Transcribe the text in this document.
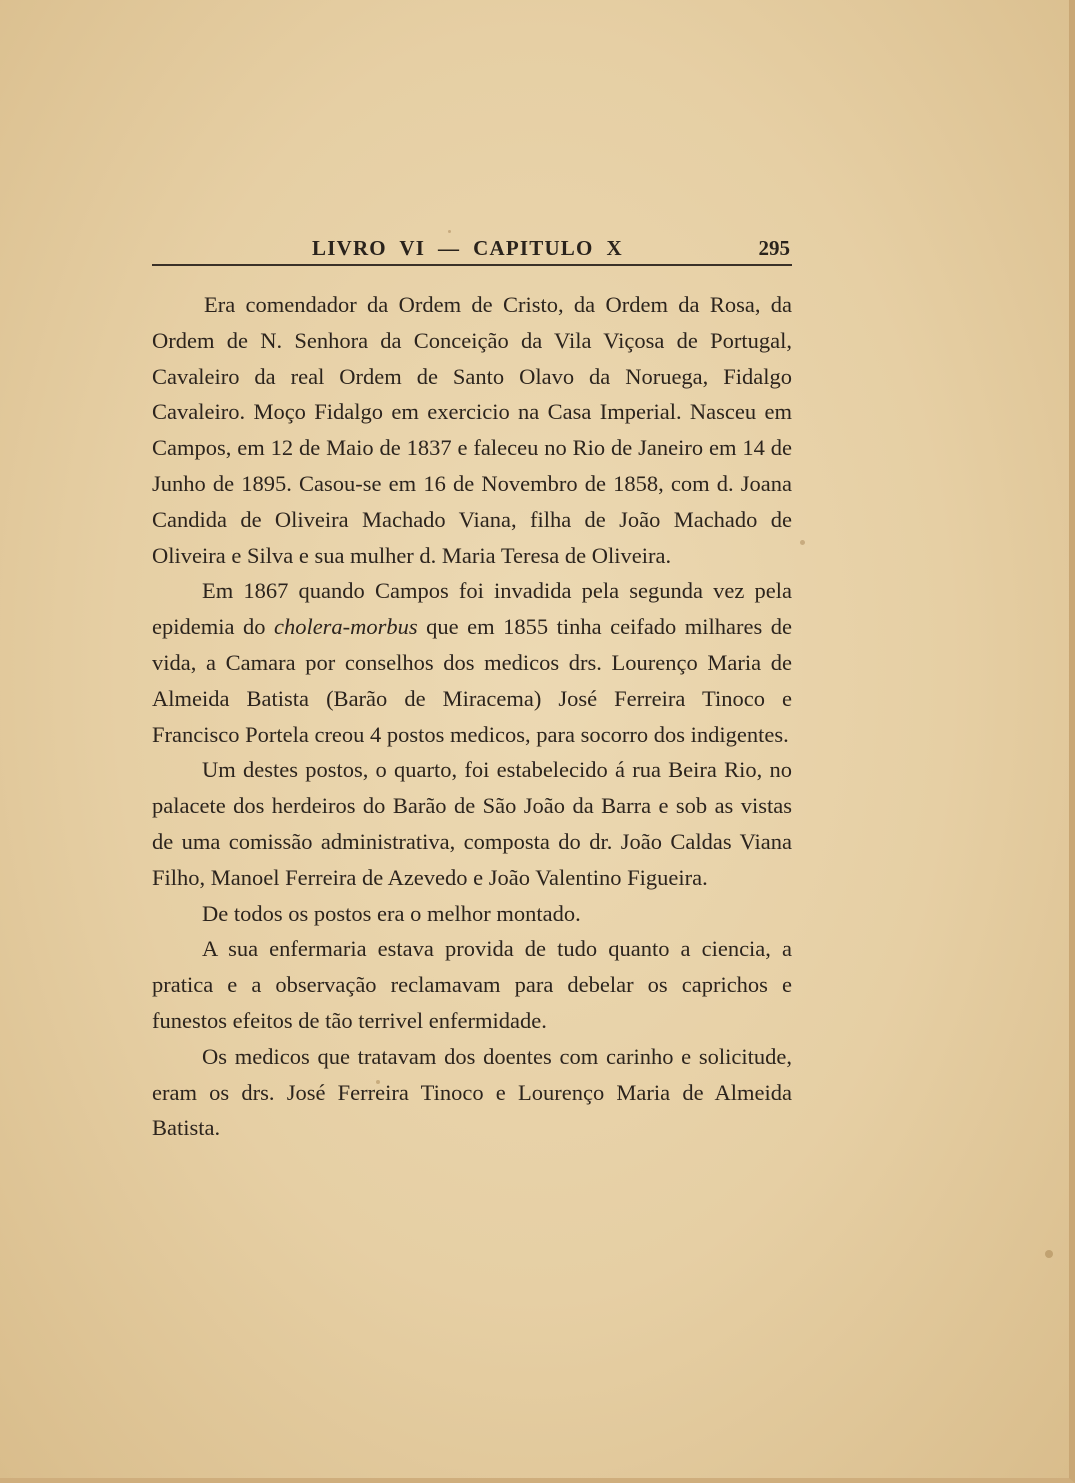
LIVRO  VI  —  CAPITULO  X	295

Era comendador da Ordem de Cristo, da Ordem da Rosa, da Ordem de N. Senhora da Conceição da Vila Viçosa de Portugal, Cavaleiro da real Ordem de Santo Olavo da Noruega, Fidalgo Cavaleiro. Moço Fidalgo em exercicio na Casa Imperial. Nasceu em Campos, em 12 de Maio de 1837 e faleceu no Rio de Janeiro em 14 de Junho de 1895. Casou-se em 16 de Novembro de 1858, com d. Joana Candida de Oliveira Machado Viana, filha de João Machado de Oliveira e Silva e sua mulher d. Maria Teresa de Oliveira.

Em 1867 quando Campos foi invadida pela segunda vez pela epidemia do cholera-morbus que em 1855 tinha ceifado milhares de vida, a Camara por conselhos dos medicos drs. Lourenço Maria de Almeida Batista (Barão de Miracema) José Ferreira Tinoco e Francisco Portela creou 4 postos medicos, para socorro dos indigentes.

Um destes postos, o quarto, foi estabelecido á rua Beira Rio, no palacete dos herdeiros do Barão de São João da Barra e sob as vistas de uma comissão administrativa, composta do dr. João Caldas Viana Filho, Manoel Ferreira de Azevedo e João Valentino Figueira.

De todos os postos era o melhor montado.

A sua enfermaria estava provida de tudo quanto a ciencia, a pratica e a observação reclamavam para debelar os caprichos e funestos efeitos de tão terrivel enfermidade.

Os medicos que tratavam dos doentes com carinho e solicitude, eram os drs. José Ferreira Tinoco e Lourenço Maria de Almeida Batista.
